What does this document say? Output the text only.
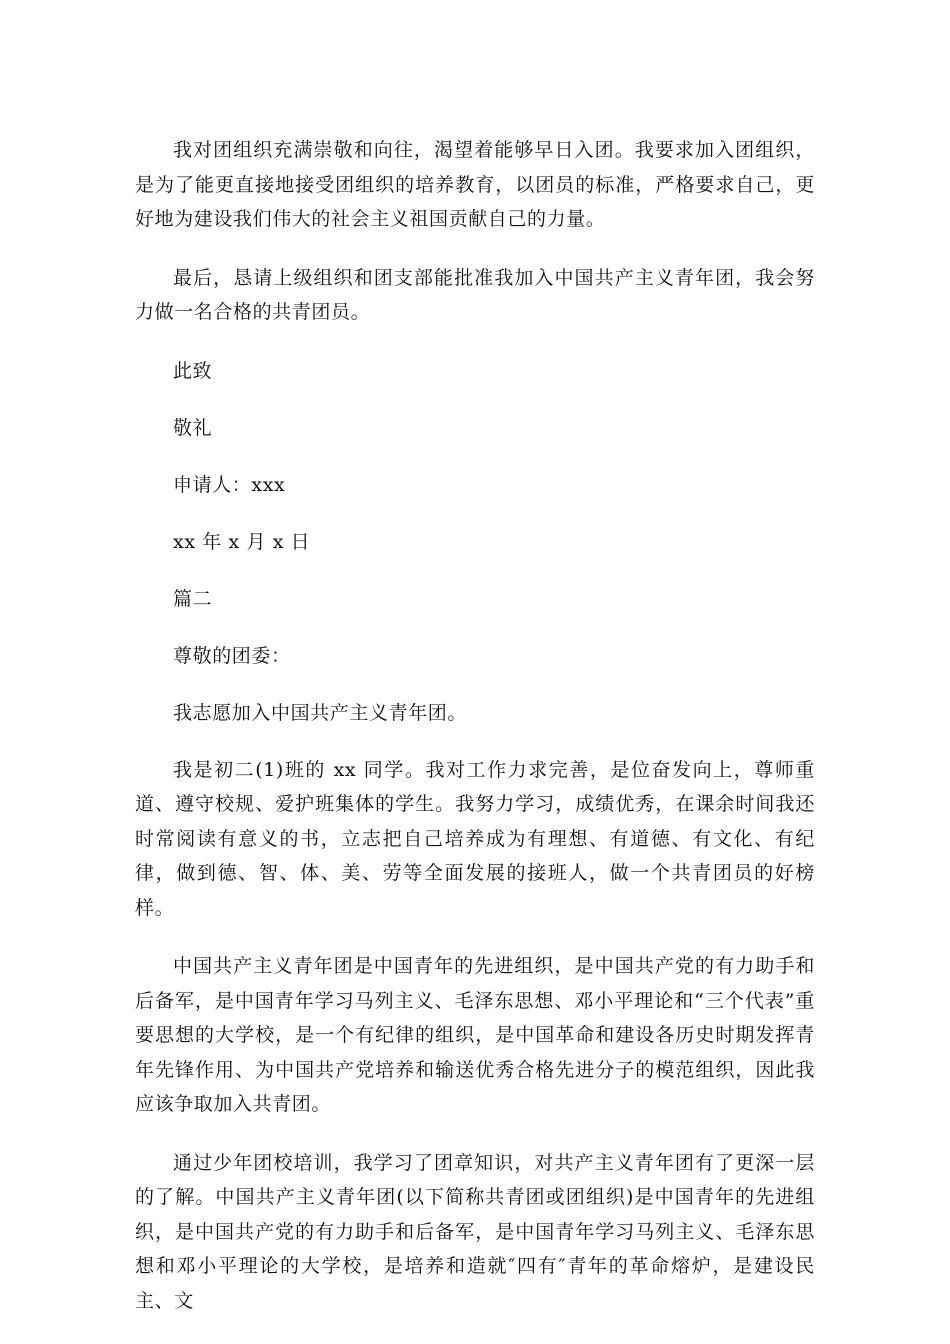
我对团组织充满崇敬和向往，渴望着能够早日入团。我要求加入团组织，是为了能更直接地接受团组织的培养教育，以团员的标准，严格要求自己，更好地为建设我们伟大的社会主义祖国贡献自己的力量。

最后，恳请上级组织和团支部能批准我加入中国共产主义青年团，我会努力做一名合格的共青团员。

此致

敬礼

申请人：xxx

xx 年 x 月 x 日

篇二

尊敬的团委：

我志愿加入中国共产主义青年团。

我是初二(1)班的 xx 同学。我对工作力求完善，是位奋发向上，尊师重道、遵守校规、爱护班集体的学生。我努力学习，成绩优秀，在课余时间我还时常阅读有意义的书，立志把自己培养成为有理想、有道德、有文化、有纪律，做到德、智、体、美、劳等全面发展的接班人，做一个共青团员的好榜样。

中国共产主义青年团是中国青年的先进组织，是中国共产党的有力助手和后备军，是中国青年学习马列主义、毛泽东思想、邓小平理论和“三个代表”重要思想的大学校，是一个有纪律的组织，是中国革命和建设各历史时期发挥青年先锋作用、为中国共产党培养和输送优秀合格先进分子的模范组织，因此我应该争取加入共青团。

通过少年团校培训，我学习了团章知识，对共产主义青年团有了更深一层的了解。中国共产主义青年团(以下简称共青团或团组织)是中国青年的先进组织，是中国共产党的有力助手和后备军，是中国青年学习马列主义、毛泽东思想和邓小平理论的大学校，是培养和造就″四有″青年的革命熔炉，是建设民主、文
